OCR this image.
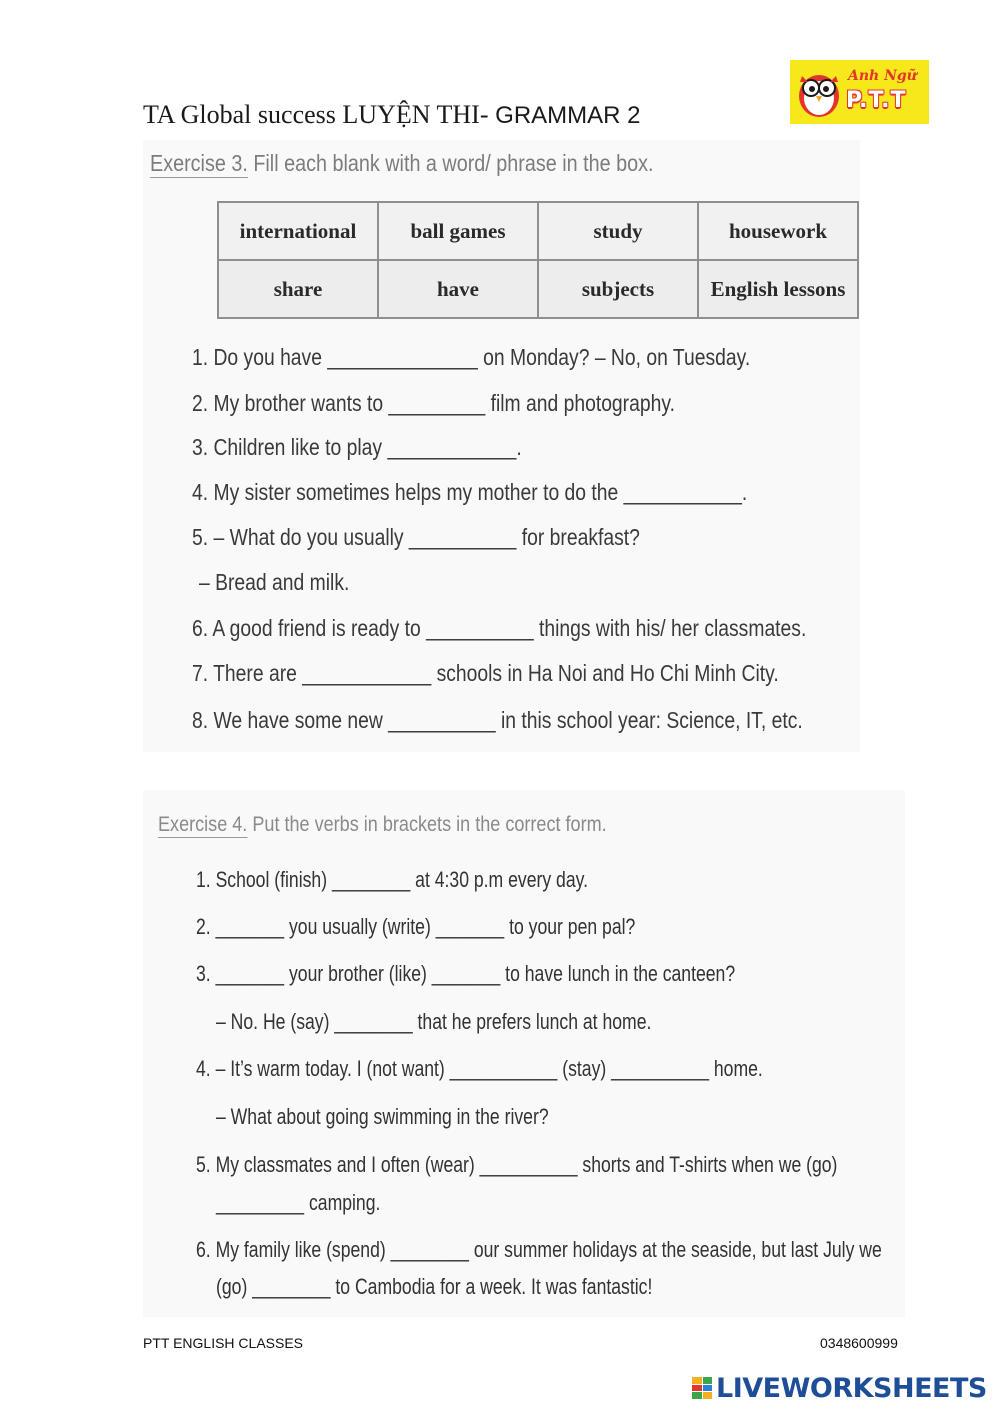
TA Global success LUYỆN THI- GRAMMAR 2
Anh Ngữ
P.T.T
Exercise 3. Fill each blank with a word/ phrase in the box.
international	ball games	study	housework
share	have	subjects	English lessons
1. Do you have ______________ on Monday? – No, on Tuesday.
2. My brother wants to _________ film and photography.
3. Children like to play ____________.
4. My sister sometimes helps my mother to do the ___________.
5. – What do you usually __________ for breakfast?
– Bread and milk.
6. A good friend is ready to __________ things with his/ her classmates.
7. There are ____________ schools in Ha Noi and Ho Chi Minh City.
8. We have some new __________ in this school year: Science, IT, etc.
Exercise 4. Put the verbs in brackets in the correct form.
1. School (finish) ________ at 4:30 p.m every day.
2. _______ you usually (write) _______ to your pen pal?
3. _______ your brother (like) _______ to have lunch in the canteen?
– No. He (say) ________ that he prefers lunch at home.
4. – It’s warm today. I (not want) ___________ (stay) __________ home.
– What about going swimming in the river?
5. My classmates and I often (wear) __________ shorts and T-shirts when we (go)
_________ camping.
6. My family like (spend) ________ our summer holidays at the seaside, but last July we
(go) ________ to Cambodia for a week. It was fantastic!
PTT ENGLISH CLASSES	0348600999
LIVEWORKSHEETS
